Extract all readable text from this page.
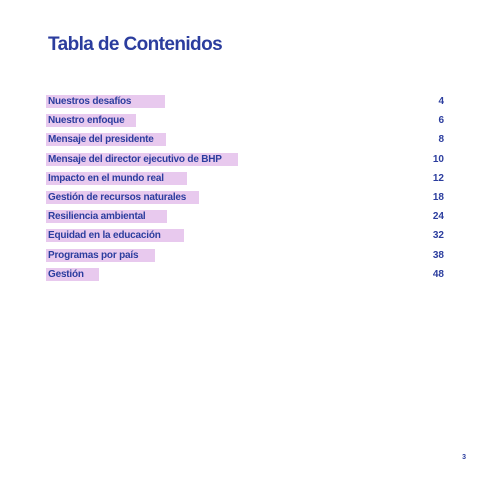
Tabla de Contenidos
Nuestros desafíos	4
Nuestro enfoque	6
Mensaje del presidente	8
Mensaje del director ejecutivo de BHP	10
Impacto en el mundo real	12
Gestión de recursos naturales	18
Resiliencia ambiental	24
Equidad en la educación	32
Programas por país	38
Gestión	48
3
